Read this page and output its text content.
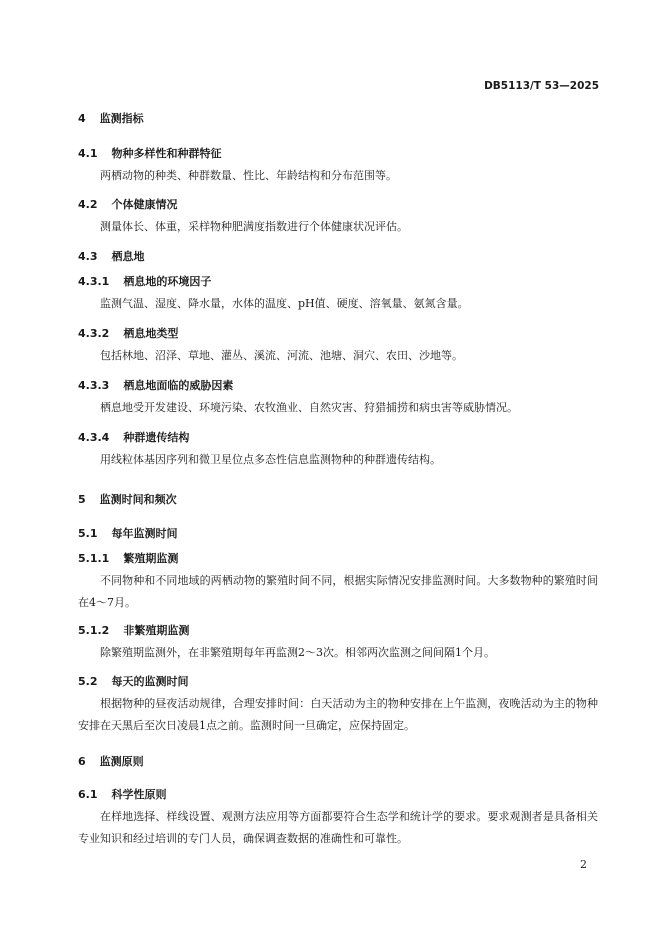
DB5113/T 53—2025
4 监测指标
4.1 物种多样性和种群特征
两栖动物的种类、种群数量、性比、年龄结构和分布范围等。
4.2 个体健康情况
测量体长、体重，采样物种肥满度指数进行个体健康状况评估。
4.3 栖息地
4.3.1 栖息地的环境因子
监测气温、湿度、降水量，水体的温度、pH值、硬度、溶氧量、氨氮含量。
4.3.2 栖息地类型
包括林地、沼泽、草地、灌丛、溪流、河流、池塘、洞穴、农田、沙地等。
4.3.3 栖息地面临的威胁因素
栖息地受开发建设、环境污染、农牧渔业、自然灾害、狩猎捕捞和病虫害等威胁情况。
4.3.4 种群遗传结构
用线粒体基因序列和微卫星位点多态性信息监测物种的种群遗传结构。
5 监测时间和频次
5.1 每年监测时间
5.1.1 繁殖期监测
不同物种和不同地域的两栖动物的繁殖时间不同，根据实际情况安排监测时间。大多数物种的繁殖时间在4～7月。
5.1.2 非繁殖期监测
除繁殖期监测外，在非繁殖期每年再监测2～3次。相邻两次监测之间间隔1个月。
5.2 每天的监测时间
根据物种的昼夜活动规律，合理安排时间：白天活动为主的物种安排在上午监测，夜晚活动为主的物种安排在天黑后至次日凌晨1点之前。监测时间一旦确定，应保持固定。
6 监测原则
6.1 科学性原则
在样地选择、样线设置、观测方法应用等方面都要符合生态学和统计学的要求。要求观测者是具备相关专业知识和经过培训的专门人员，确保调查数据的准确性和可靠性。
2
